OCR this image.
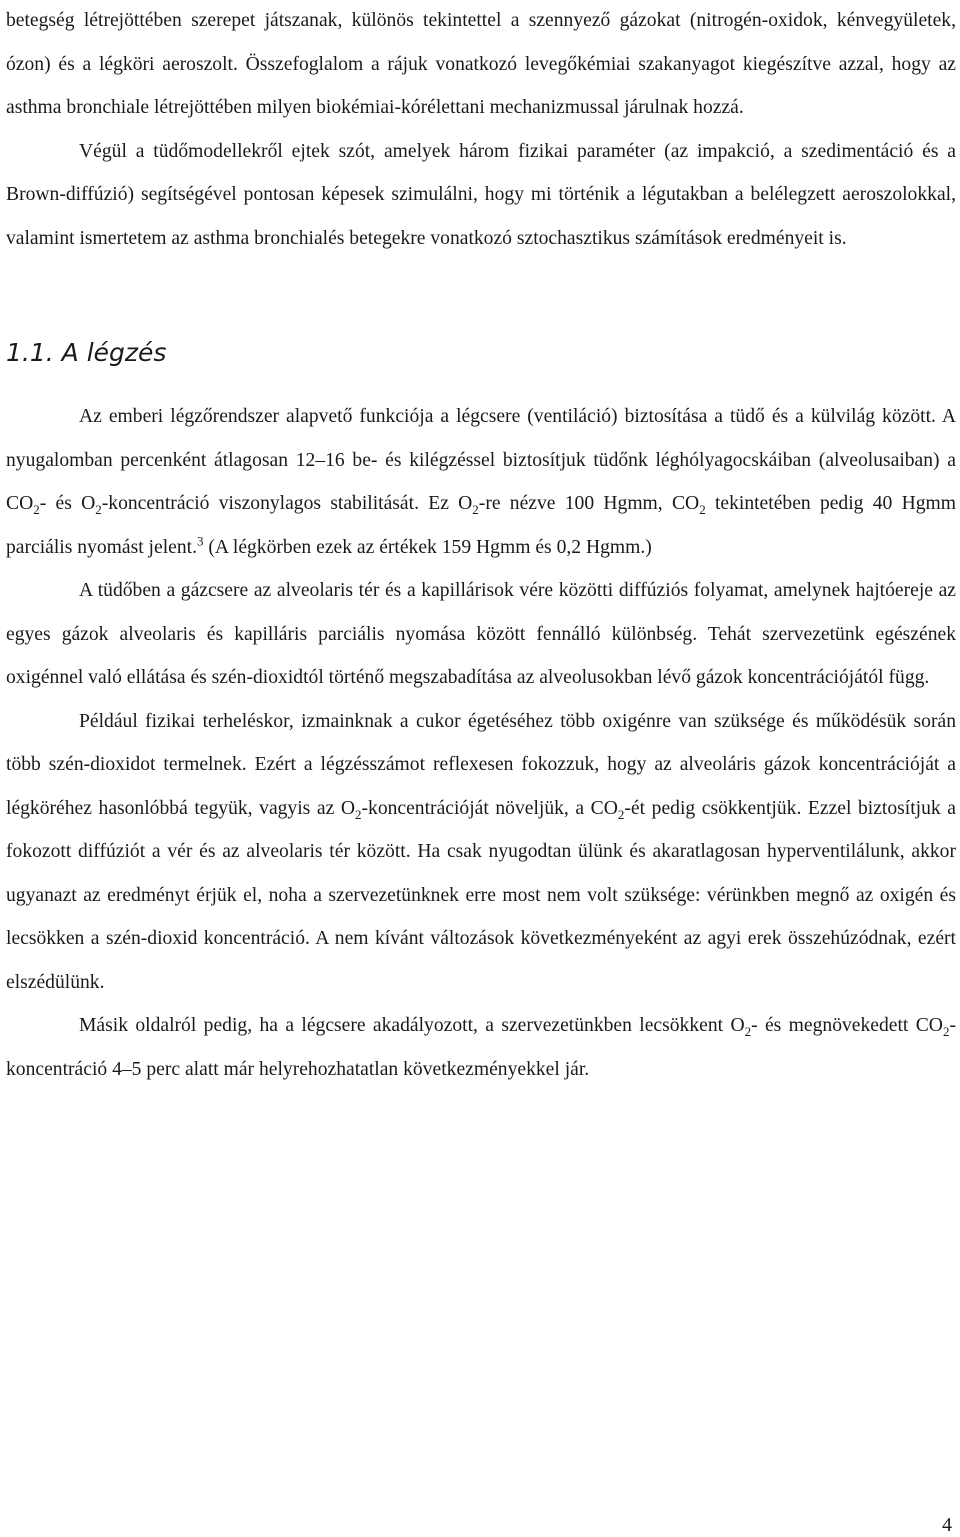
betegség létrejöttében szerepet játszanak, különös tekintettel a szennyező gázokat (nitrogén-oxidok, kénvegyületek, ózon) és a légköri aeroszolt. Összefoglalom a rájuk vonatkozó levegőkémiai szakanyagot kiegészítve azzal, hogy az asthma bronchiale létrejöttében milyen biokémiai-kórélettani mechanizmussal járulnak hozzá.

Végül a tüdőmodellekről ejtek szót, amelyek három fizikai paraméter (az impakció, a szedimentáció és a Brown-diffúzió) segítségével pontosan képesek szimulálni, hogy mi történik a légutakban a belélegzett aeroszolokkal, valamint ismertetem az asthma bronchialés betegekre vonatkozó sztochasztikus számítások eredményeit is.

1.1. A légzés

Az emberi légzőrendszer alapvető funkciója a légcsere (ventiláció) biztosítása a tüdő és a külvilág között. A nyugalomban percenként átlagosan 12–16 be- és kilégzéssel biztosítjuk tüdőnk léghólyagocskáiban (alveolusaiban) a $CO_2-$ és $O_2$-koncentráció viszonylagos stabilitását. Ez $O_2-re$ nézve 100 Hgmm, $CO_2$ tekintetében pedig 40 Hgmm parciális nyomást jelent.$^3$ (A légkörben ezek az értékek 159 Hgmm és 0,2 Hgmm.)

A tüdőben a gázcsere az alveolaris tér és a kapillárisok vére közötti diffúziós folyamat, amelynek hajtóereje az egyes gázok alveolaris és kapilláris parciális nyomása között fennálló különbség. Tehát szervezetünk egészének oxigénnel való ellátása és szén-dioxidtól történő megszabadítása az alveolusokban lévő gázok koncentrációjától függ.

Például fizikai terheléskor, izmainknak a cukor égetéséhez több oxigénre van szüksége és működésük során több szén-dioxidot termelnek. Ezért a légzésszámot reflexesen fokozzuk, hogy az alveoláris gázok koncentrációját a légköréhez hasonlóbbá tegyük, vagyis az $O_2$-koncentrációját növeljük, a $CO_2-ét$ pedig csökkentjük. Ezzel biztosítjuk a fokozott diffúziót a vér és az alveolaris tér között. Ha csak nyugodtan ülünk és akaratlagosan hyperventilálunk, akkor ugyanazt az eredményt érjük el, noha a szervezetünknek erre most nem volt szüksége: vérünkben megnő az oxigén és lecsökken a szén-dioxid koncentráció. A nem kívánt változások következményeként az agyi erek összehúzódnak, ezért elszédülünk.

Másik oldalról pedig, ha a légcsere akadályozott, a szervezetünkben lecsökkent $O_2-$ és megnövekedett $CO_2$-koncentráció 4–5 perc alatt már helyrehozhatatlan következményekkel jár.

4
